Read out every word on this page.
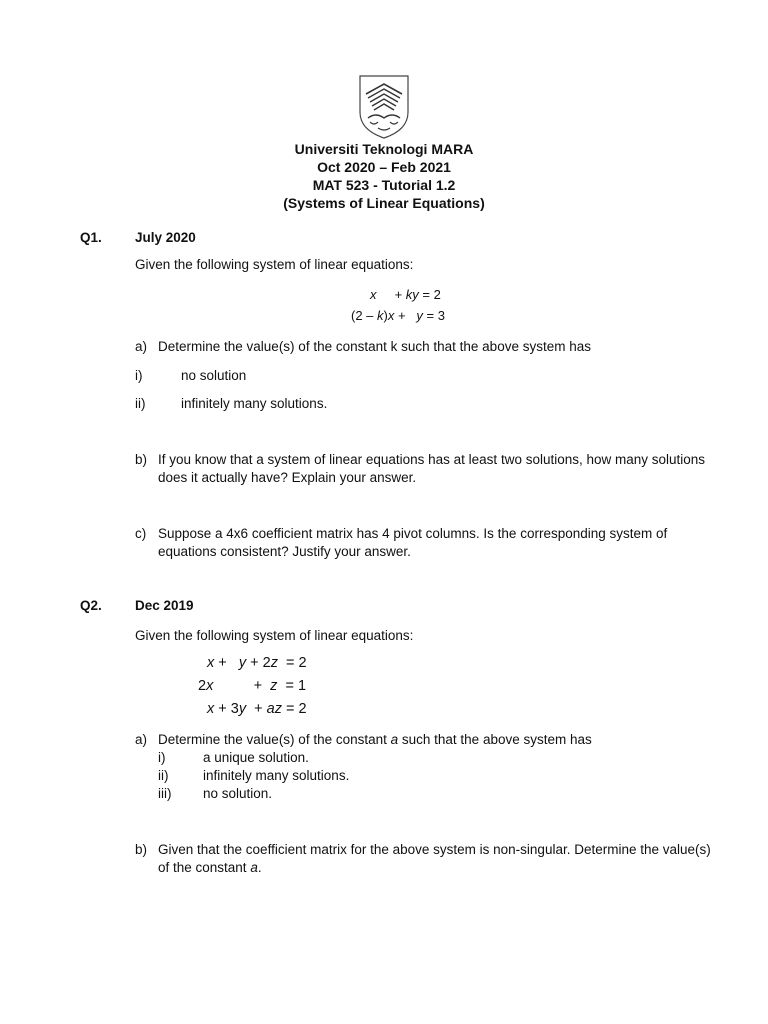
Universiti Teknologi MARA
Oct 2020 – Feb 2021
MAT 523 - Tutorial 1.2
(Systems of Linear Equations)
Q1. July 2020
Given the following system of linear equations:
x     + ky = 2
(2 – k)x +   y = 3
a) Determine the value(s) of the constant k such that the above system has
i)	no solution
ii)	infinitely many solutions.
b) If you know that a system of linear equations has at least two solutions, how many solutions does it actually have? Explain your answer.
c) Suppose a 4x6 coefficient matrix has 4 pivot columns. Is the corresponding system of equations consistent? Justify your answer.
Q2. Dec 2019
Given the following system of linear equations:
x +   y + 2z  = 2
2x          +  z  = 1
x + 3y  + az = 2
a) Determine the value(s) of the constant a such that the above system has
i)	a unique solution.
ii)	infinitely many solutions.
iii) no solution.
b) Given that the coefficient matrix for the above system is non-singular. Determine the value(s) of the constant a.
